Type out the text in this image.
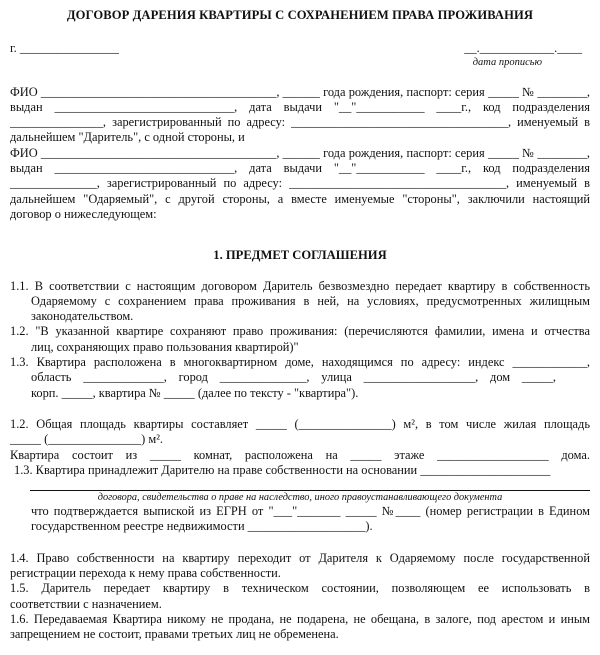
ДОГОВОР ДАРЕНИЯ КВАРТИРЫ С СОХРАНЕНИЕМ ПРАВА ПРОЖИВАНИЯ
г. ________________	__.____________.____
дата прописью
ФИО ______________________________________, ______ года рождения, паспорт: серия _____ № ________,
выдан _____________________________, дата выдачи "__"___________ ____г., код подразделения
_______________, зарегистрированный по адресу: ___________________________________, именуемый в
дальнейшем "Даритель", с одной стороны, и
ФИО ______________________________________, ______ года рождения, паспорт: серия _____ № ________,
выдан _____________________________, дата выдачи "__"___________ ____г., код подразделения
______________, зарегистрированный по адресу: ___________________________________, именуемый в
дальнейшем "Одаряемый", с другой стороны, а вместе именуемые "стороны", заключили настоящий
договор о нижеследующем:
1. ПРЕДМЕТ СОГЛАШЕНИЯ
1.1. В соответствии с настоящим договором Даритель безвозмездно передает квартиру в собственность
Одаряемому с сохранением права проживания в ней, на условиях, предусмотренных жилищным
законодательством.
1.2. "В указанной квартире сохраняют право проживания: (перечисляются фамилии, имена и отчества
лиц, сохраняющих право пользования квартирой)"
1.3. Квартира расположена в многоквартирном доме, находящимся по адресу: индекс ____________,
область _____________, город ______________, улица __________________, дом _____,
корп. _____, квартира № _____ (далее по тексту - "квартира").
1.2. Общая площадь квартиры составляет _____ (_______________) м², в том числе жилая площадь
_____ (_______________) м².
Квартира состоит из _____ комнат, расположена на _____ этаже __________________ дома.
1.3. Квартира принадлежит Дарителю на праве собственности на основании _____________________
договора, свидетельства о праве на наследство, иного правоустанавливающего документа
что подтверждается выпиской из ЕГРН от "___"_______ _____ №____ (номер регистрации в Едином
государственном реестре недвижимости ___________________).
1.4. Право собственности на квартиру переходит от Дарителя к Одаряемому после государственной
регистрации перехода к нему права собственности.
1.5. Даритель передает квартиру в техническом состоянии, позволяющем ее использовать в
соответствии с назначением.
1.6. Передаваемая Квартира никому не продана, не подарена, не обещана, в залоге, под арестом и иным
запрещением не состоит, правами третьих лиц не обременена.
